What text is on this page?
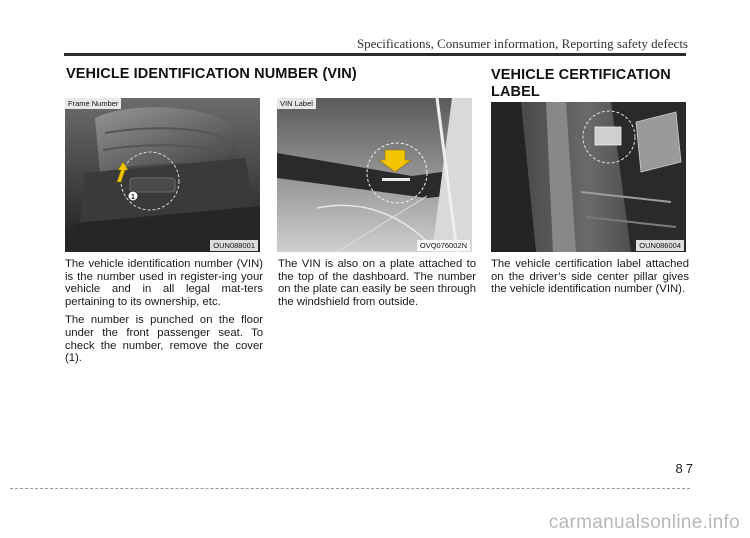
Specifications, Consumer information, Reporting safety defects
VEHICLE IDENTIFICATION NUMBER (VIN)	VEHICLE CERTIFICATION LABEL
1
Frame Number
OUN088001
VIN Label
OVQ076002N	OUN086004

The vehicle identification number (VIN) is the number used in register-ing your vehicle and in all legal mat-ters pertaining to its ownership, etc.

The number is punched on the floor under the front passenger seat. To check the number, remove the cover (1).

The VIN is also on a plate attached to the top of the dashboard. The number on the plate can easily be seen through the windshield from outside.

The vehicle certification label attached on the driver’s side center pillar gives the vehicle identification number (VIN).

87
carmanualsonline.info
